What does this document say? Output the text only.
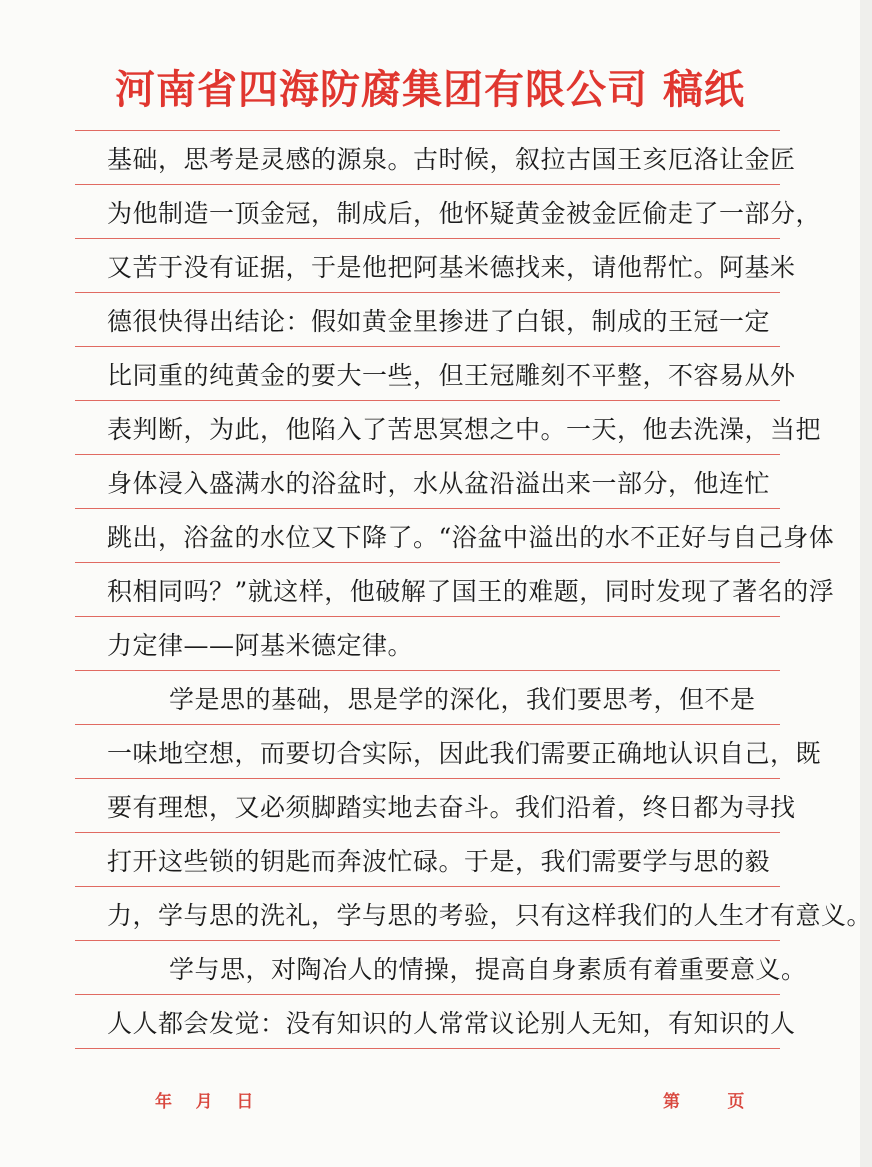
河南省四海防腐集团有限公司 稿纸
基础，思考是灵感的源泉。古时候，叙拉古国王亥厄洛让金匠
为他制造一顶金冠，制成后，他怀疑黄金被金匠偷走了一部分，
又苦于没有证据，于是他把阿基米德找来，请他帮忙。阿基米
德很快得出结论：假如黄金里掺进了白银，制成的王冠一定
比同重的纯黄金的要大一些，但王冠雕刻不平整，不容易从外
表判断，为此，他陷入了苦思冥想之中。一天，他去洗澡，当把
身体浸入盛满水的浴盆时，水从盆沿溢出来一部分，他连忙
跳出，浴盆的水位又下降了。“浴盆中溢出的水不正好与自己身体
积相同吗？”就这样，他破解了国王的难题，同时发现了著名的浮
力定律——阿基米德定律。
学是思的基础，思是学的深化，我们要思考，但不是
一味地空想，而要切合实际，因此我们需要正确地认识自己，既
要有理想，又必须脚踏实地去奋斗。我们沿着，终日都为寻找
打开这些锁的钥匙而奔波忙碌。于是，我们需要学与思的毅
力，学与思的洗礼，学与思的考验，只有这样我们的人生才有意义。
学与思，对陶冶人的情操，提高自身素质有着重要意义。
人人都会发觉：没有知识的人常常议论别人无知，有知识的人
年    月    日	第        页
